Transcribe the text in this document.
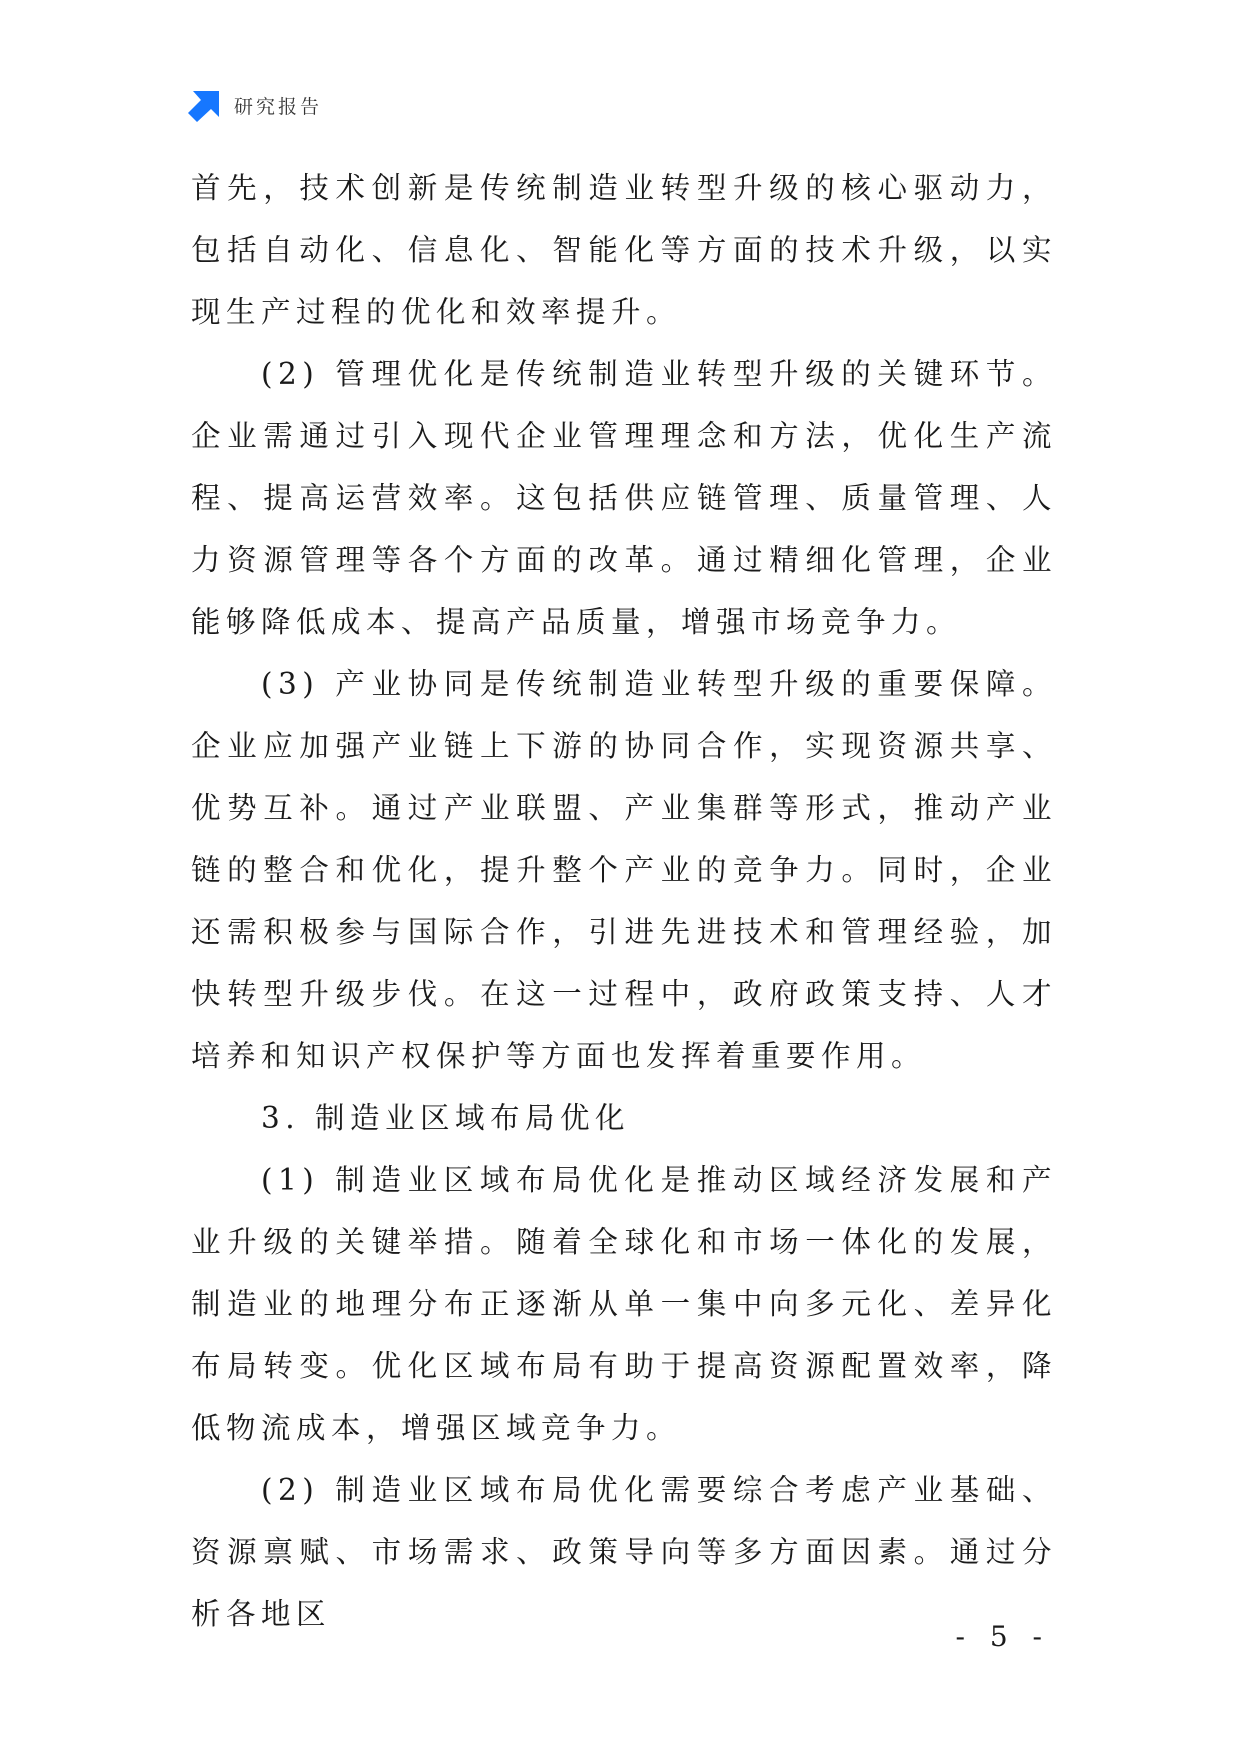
研究报告

首先，技术创新是传统制造业转型升级的核心驱动力，包括自动化、信息化、智能化等方面的技术升级，以实现生产过程的优化和效率提升。

(2) 管理优化是传统制造业转型升级的关键环节。企业需通过引入现代企业管理理念和方法，优化生产流程、提高运营效率。这包括供应链管理、质量管理、人力资源管理等各个方面的改革。通过精细化管理，企业能够降低成本、提高产品质量，增强市场竞争力。

(3) 产业协同是传统制造业转型升级的重要保障。企业应加强产业链上下游的协同合作，实现资源共享、优势互补。通过产业联盟、产业集群等形式，推动产业链的整合和优化，提升整个产业的竞争力。同时，企业还需积极参与国际合作，引进先进技术和管理经验，加快转型升级步伐。在这一过程中，政府政策支持、人才培养和知识产权保护等方面也发挥着重要作用。

3. 制造业区域布局优化

(1) 制造业区域布局优化是推动区域经济发展和产业升级的关键举措。随着全球化和市场一体化的发展，制造业的地理分布正逐渐从单一集中向多元化、差异化布局转变。优化区域布局有助于提高资源配置效率，降低物流成本，增强区域竞争力。

(2) 制造业区域布局优化需要综合考虑产业基础、资源禀赋、市场需求、政策导向等多方面因素。通过分析各地区

- 5 -
